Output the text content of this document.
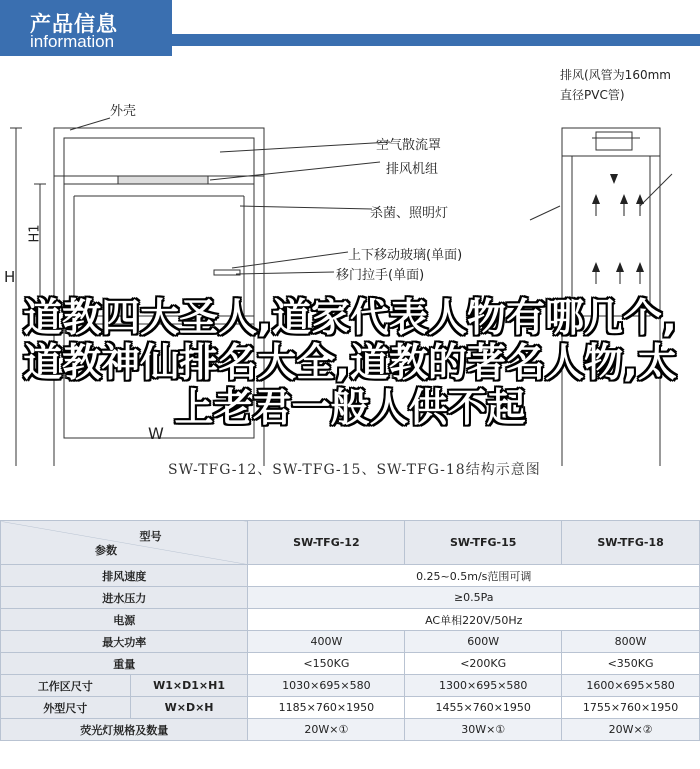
产品信息
information
外壳
空气散流罩
排风机组
杀菌、照明灯
上下移动玻璃(单面)
移门拉手(单面)
排风(风管为160mm
直径PVC管)
H1
H
W
SW-TFG-12、SW-TFG-15、SW-TFG-18结构示意图
道教四大圣人,道家代表人物有哪几个,道教神仙排名大全,道教的著名人物,太上老君一般人供不起
型号
参数		SW-TFG-12	SW-TFG-15	SW-TFG-18
排风速度		0.25~0.5m/s范围可调		
进水压力		≥0.5Pa		
电源		AC单相220V/50Hz		
最大功率		400W	600W	800W
重量		<150KG	<200KG	<350KG
工作区尺寸	W1×D1×H1	1030×695×580	1300×695×580	1600×695×580
外型尺寸	W×D×H	1185×760×1950	1455×760×1950	1755×760×1950
荧光灯规格及数量		20W×①	30W×①	20W×②
